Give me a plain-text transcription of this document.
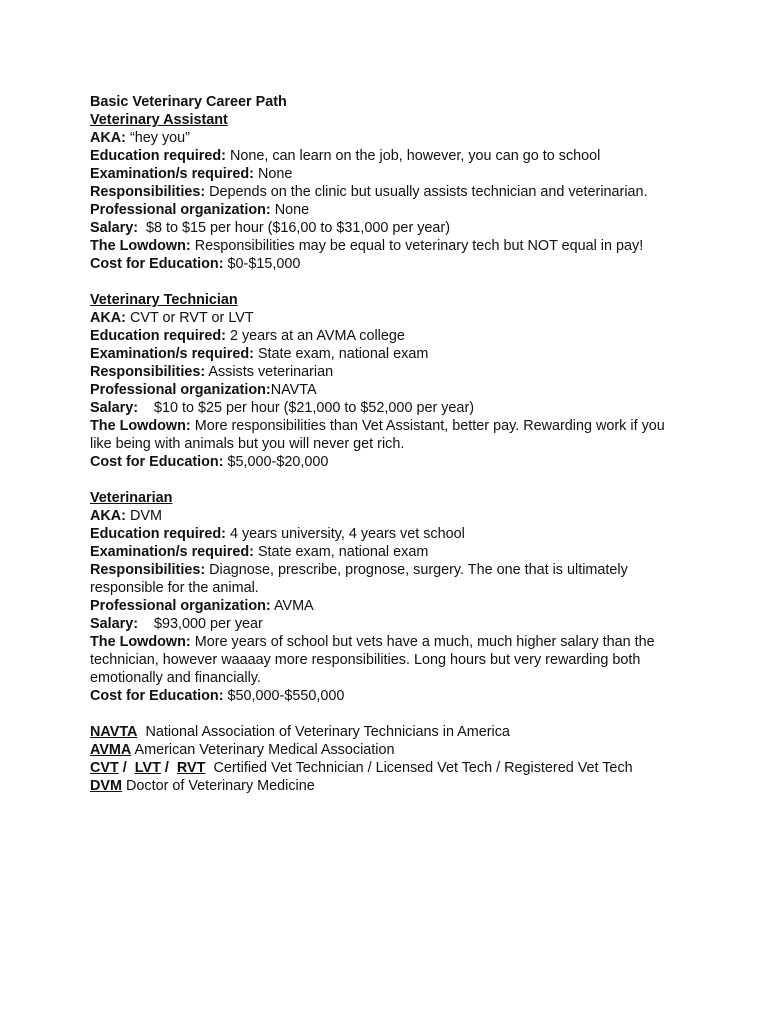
Basic Veterinary Career Path
Veterinary Assistant
AKA: “hey you”
Education required: None, can learn on the job, however, you can go to school
Examination/s required: None
Responsibilities: Depends on the clinic but usually assists technician and veterinarian.
Professional organization: None
Salary: $8 to $15 per hour ($16,00 to $31,000 per year)
The Lowdown: Responsibilities may be equal to veterinary tech but NOT equal in pay!
Cost for Education: $0-$15,000
Veterinary Technician
AKA: CVT or RVT or LVT
Education required: 2 years at an AVMA college
Examination/s required: State exam, national exam
Responsibilities: Assists veterinarian
Professional organization:NAVTA
Salary: $10 to $25 per hour ($21,000 to $52,000 per year)
The Lowdown: More responsibilities than Vet Assistant, better pay. Rewarding work if you like being with animals but you will never get rich.
Cost for Education: $5,000-$20,000
Veterinarian
AKA: DVM
Education required: 4 years university, 4 years vet school
Examination/s required: State exam, national exam
Responsibilities: Diagnose, prescribe, prognose, surgery. The one that is ultimately responsible for the animal.
Professional organization: AVMA
Salary: $93,000 per year
The Lowdown: More years of school but vets have a much, much higher salary than the technician, however waaaay more responsibilities. Long hours but very rewarding both emotionally and financially.
Cost for Education: $50,000-$550,000
NAVTA National Association of Veterinary Technicians in America
AVMA American Veterinary Medical Association
CVT / LVT / RVT Certified Vet Technician / Licensed Vet Tech / Registered Vet Tech
DVM Doctor of Veterinary Medicine
